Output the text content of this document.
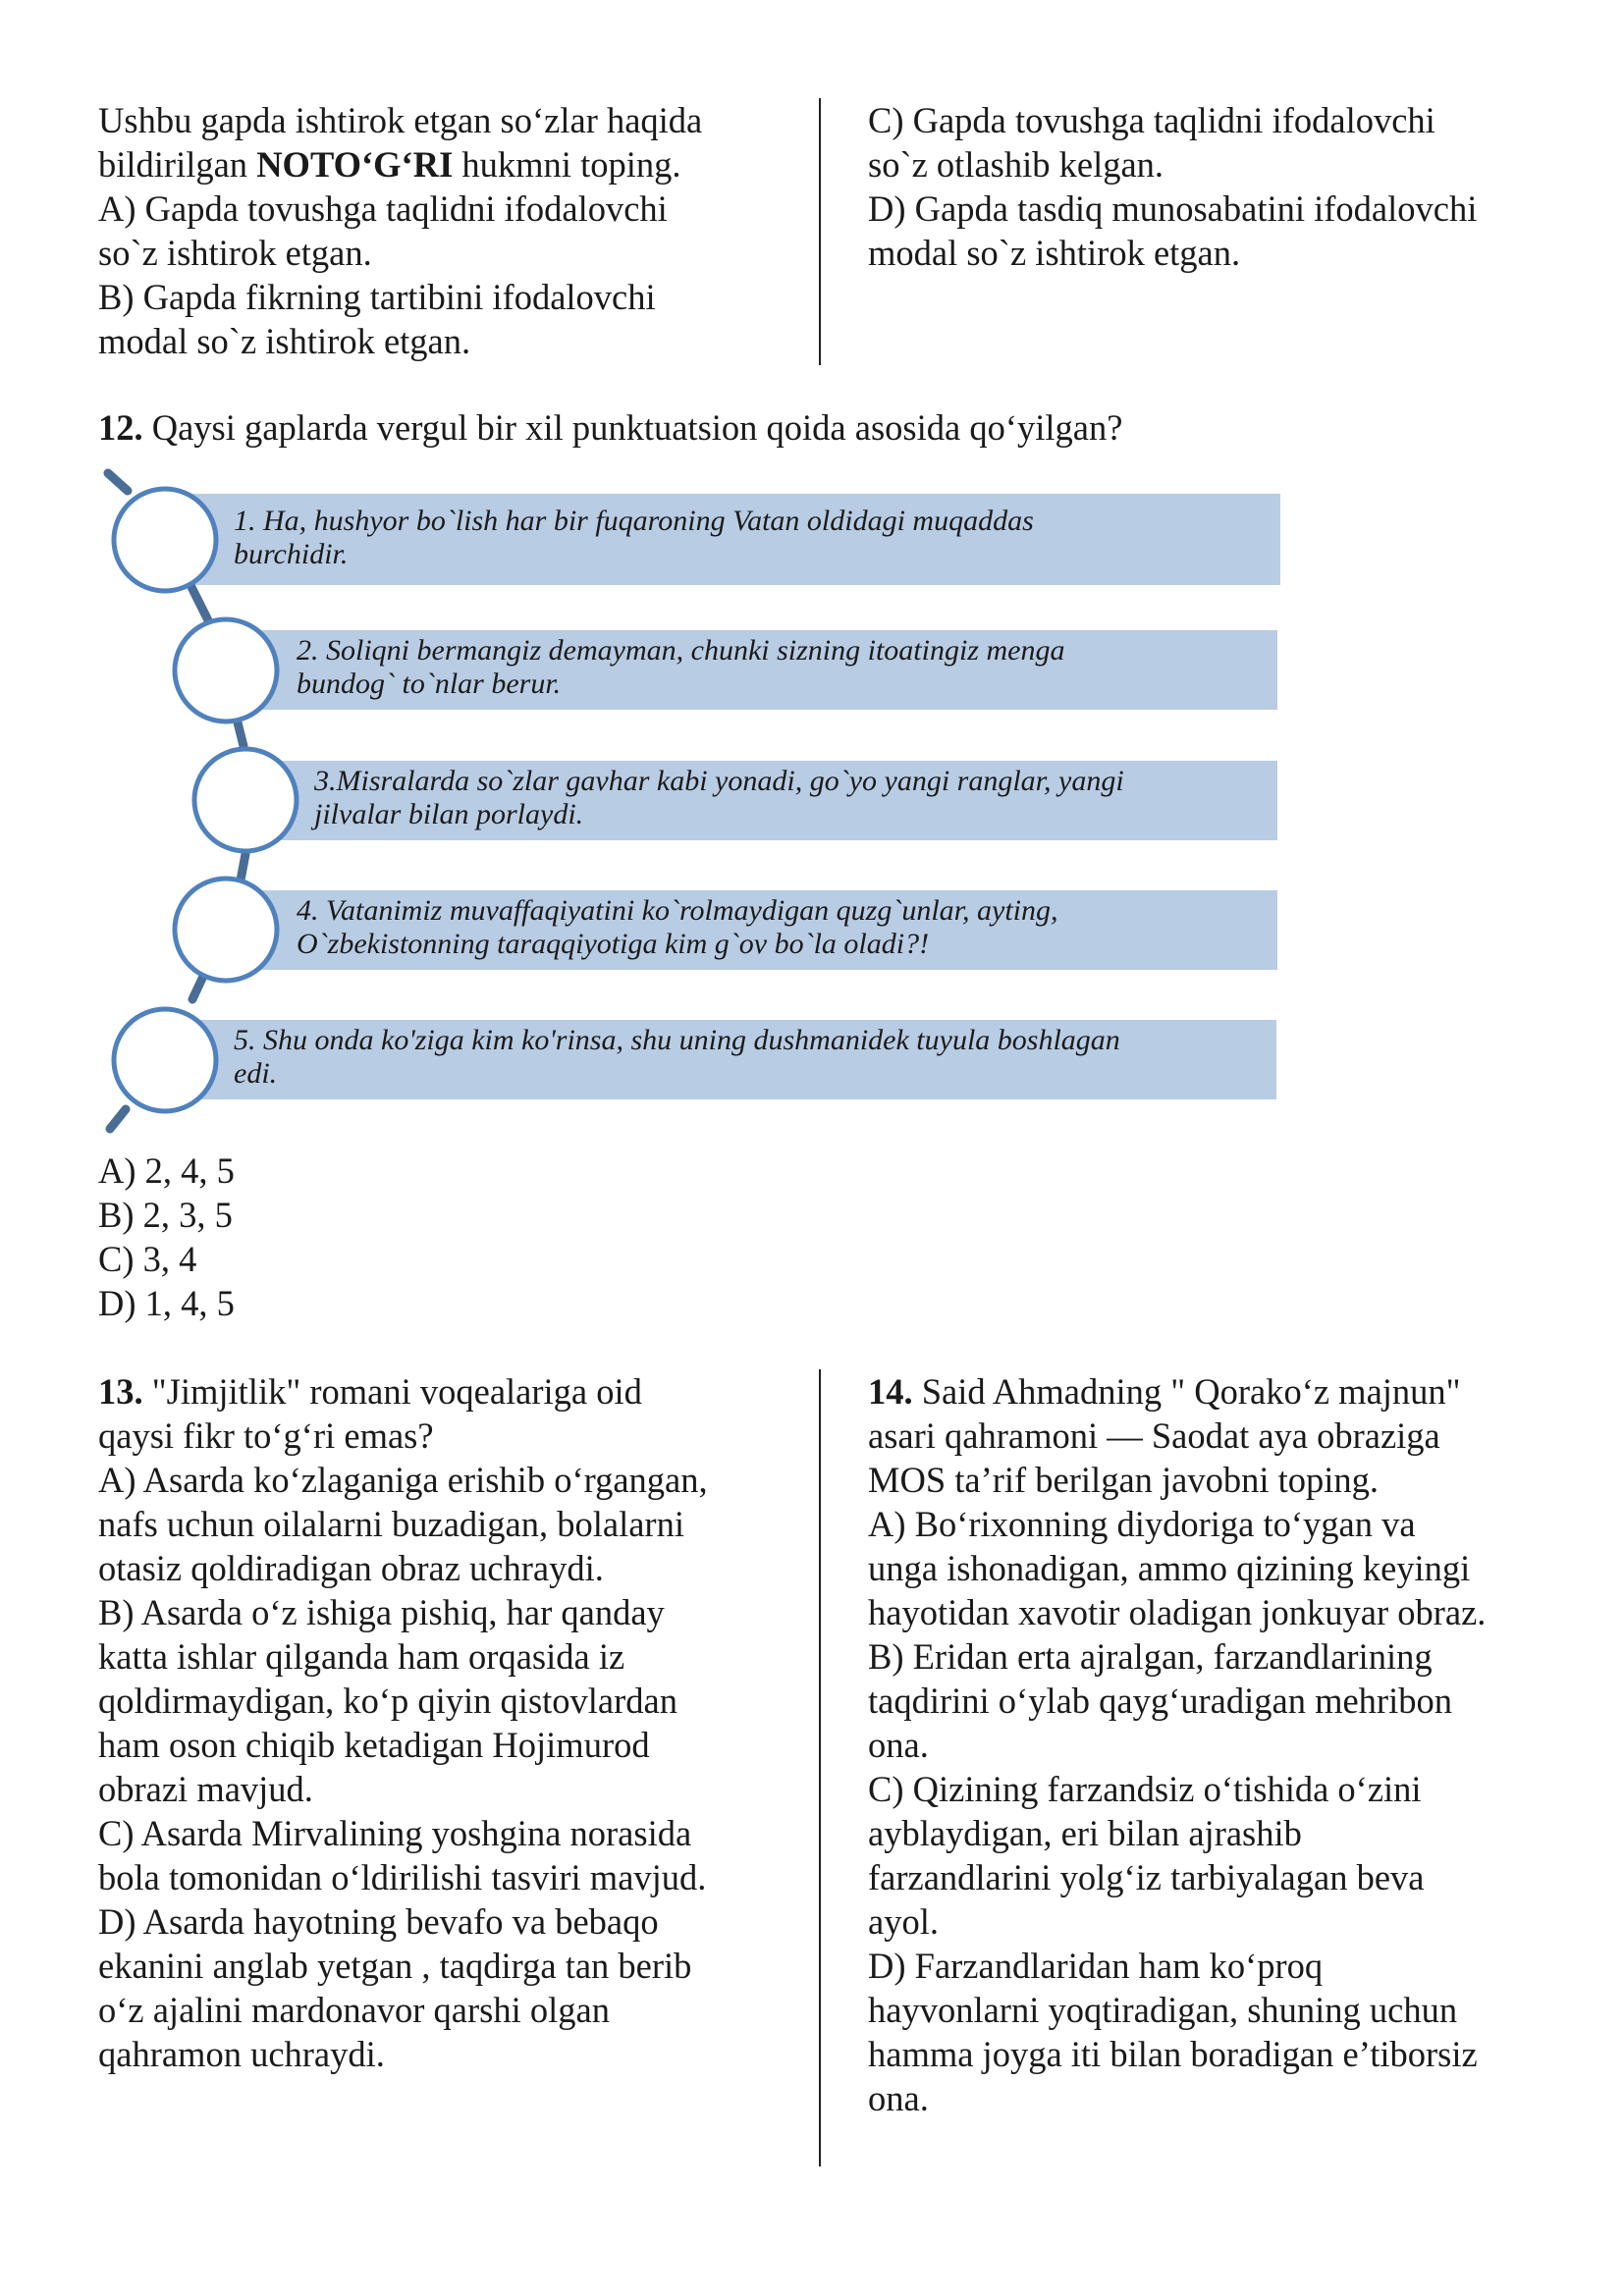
Ushbu gapda ishtirok etgan so‘zlar haqida

bildirilgan NOTO‘G‘RI hukmni toping.

A) Gapda tovushga taqlidni ifodalovchi

so`z ishtirok etgan.

B) Gapda fikrning tartibini ifodalovchi

modal so`z ishtirok etgan.

C) Gapda tovushga taqlidni ifodalovchi

so`z otlashib kelgan.

D) Gapda tasdiq munosabatini ifodalovchi

modal so`z ishtirok etgan.

12. Qaysi gaplarda vergul bir xil punktuatsion qoida asosida qo‘yilgan?
1. Ha, hushyor bo`lish har bir fuqaroning Vatan oldidagi muqaddas
burchidir.
2. Soliqni bermangiz demayman, chunki sizning itoatingiz menga
bundog` to`nlar berur.
3.Misralarda so`zlar gavhar kabi yonadi, go`yo yangi ranglar, yangi
jilvalar bilan porlaydi.
4. Vatanimiz muvaffaqiyatini ko`rolmaydigan quzg`unlar, ayting,
O`zbekistonning taraqqiyotiga kim g`ov bo`la oladi?!
5. Shu onda ko'ziga kim ko'rinsa, shu uning dushmanidek tuyula boshlagan
edi.
A) 2, 4, 5
B) 2, 3, 5
C) 3, 4
D) 1, 4, 5

13. "Jimjitlik" romani voqealariga oid

qaysi fikr to‘g‘ri emas?

A) Asarda ko‘zlaganiga erishib o‘rgangan,

nafs uchun oilalarni buzadigan, bolalarni

otasiz qoldiradigan obraz uchraydi.

B) Asarda o‘z ishiga pishiq, har qanday

katta ishlar qilganda ham orqasida iz

qoldirmaydigan, ko‘p qiyin qistovlardan

ham oson chiqib ketadigan Hojimurod

obrazi mavjud.

C) Asarda Mirvalining yoshgina norasida

bola tomonidan o‘ldirilishi tasviri mavjud.

D) Asarda hayotning bevafo va bebaqo

ekanini anglab yetgan , taqdirga tan berib

o‘z ajalini mardonavor qarshi olgan

qahramon uchraydi.

14. Said Ahmadning " Qorako‘z majnun"

asari qahramoni — Saodat aya obraziga

MOS ta’rif berilgan javobni toping.

A) Bo‘rixonning diydoriga to‘ygan va

unga ishonadigan, ammo qizining keyingi

hayotidan xavotir oladigan jonkuyar obraz.

B) Eridan erta ajralgan, farzandlarining

taqdirini o‘ylab qayg‘uradigan mehribon

ona.

C) Qizining farzandsiz o‘tishida o‘zini

ayblaydigan, eri bilan ajrashib

farzandlarini yolg‘iz tarbiyalagan beva

ayol.

D) Farzandlaridan ham ko‘proq

hayvonlarni yoqtiradigan, shuning uchun

hamma joyga iti bilan boradigan e’tiborsiz

ona.
